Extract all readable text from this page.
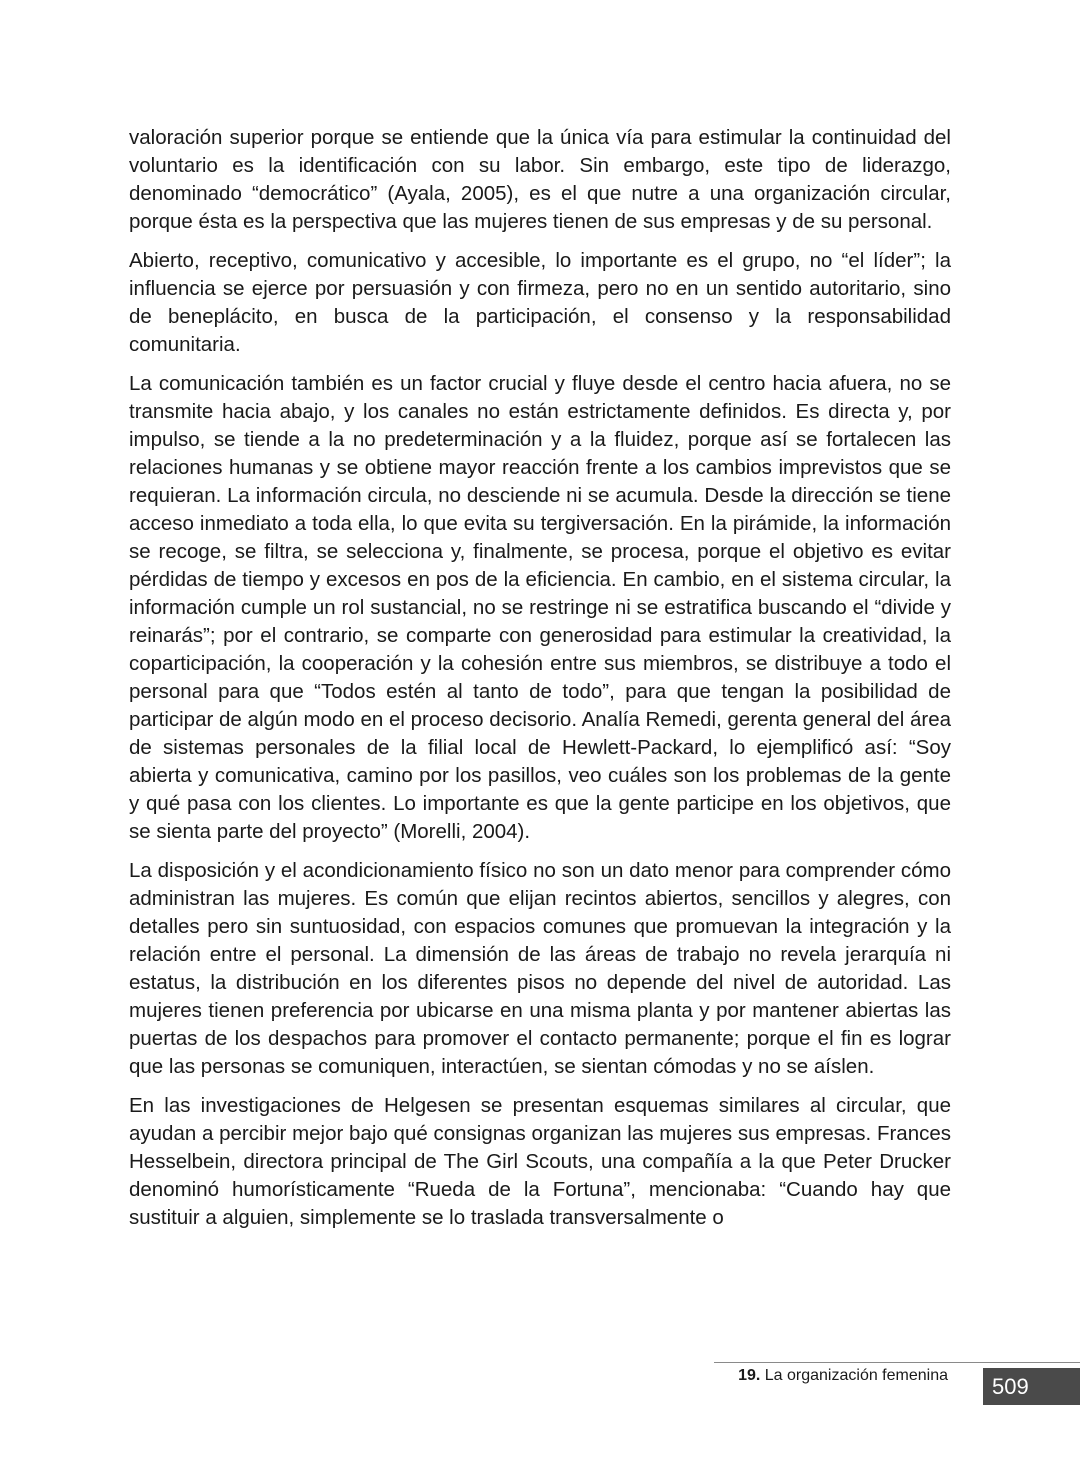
valoración superior porque se entiende que la única vía para estimular la continuidad del voluntario es la identificación con su labor. Sin embargo, este tipo de liderazgo, denominado “democrático” (Ayala, 2005), es el que nutre a una organización circular, porque ésta es la perspectiva que las mujeres tienen de sus empresas y de su personal.

Abierto, receptivo, comunicativo y accesible, lo importante es el grupo, no “el líder”; la influencia se ejerce por persuasión y con firmeza, pero no en un sentido autoritario, sino de beneplácito, en busca de la participación, el consenso y la responsabilidad comunitaria.

La comunicación también es un factor crucial y fluye desde el centro hacia afuera, no se transmite hacia abajo, y los canales no están estrictamente definidos. Es directa y, por impulso, se tiende a la no predeterminación y a la fluidez, porque así se fortalecen las relaciones humanas y se obtiene mayor reacción frente a los cambios imprevistos que se requieran. La información circula, no desciende ni se acumula. Desde la dirección se tiene acceso inmediato a toda ella, lo que evita su tergiversación. En la pirámide, la información se recoge, se filtra, se selecciona y, finalmente, se procesa, porque el objetivo es evitar pérdidas de tiempo y excesos en pos de la eficiencia. En cambio, en el sistema circular, la información cumple un rol sustancial, no se restringe ni se estratifica buscando el “divide y reinarás”; por el contrario, se comparte con generosidad para estimular la creatividad, la coparticipación, la cooperación y la cohesión entre sus miembros, se distribuye a todo el personal para que “Todos estén al tanto de todo”, para que tengan la posibilidad de participar de algún modo en el proceso decisorio. Analía Remedi, gerenta general del área de sistemas personales de la filial local de Hewlett-Packard, lo ejemplificó así: “Soy abierta y comunicativa, camino por los pasillos, veo cuáles son los problemas de la gente y qué pasa con los clientes. Lo importante es que la gente participe en los objetivos, que se sienta parte del proyecto” (Morelli, 2004).

La disposición y el acondicionamiento físico no son un dato menor para comprender cómo administran las mujeres. Es común que elijan recintos abiertos, sencillos y alegres, con detalles pero sin suntuosidad, con espacios comunes que promuevan la integración y la relación entre el personal. La dimensión de las áreas de trabajo no revela jerarquía ni estatus, la distribución en los diferentes pisos no depende del nivel de autoridad. Las mujeres tienen preferencia por ubicarse en una misma planta y por mantener abiertas las puertas de los despachos para promover el contacto permanente; porque el fin es lograr que las personas se comuniquen, interactúen, se sientan cómodas y no se aíslen.

En las investigaciones de Helgesen se presentan esquemas similares al circular, que ayudan a percibir mejor bajo qué consignas organizan las mujeres sus empresas. Frances Hesselbein, directora principal de The Girl Scouts, una compañía a la que Peter Drucker denominó humorísticamente “Rueda de la Fortuna”, mencionaba: “Cuando hay que sustituir a alguien, simplemente se lo traslada transversalmente o

19. La organización femenina 509
